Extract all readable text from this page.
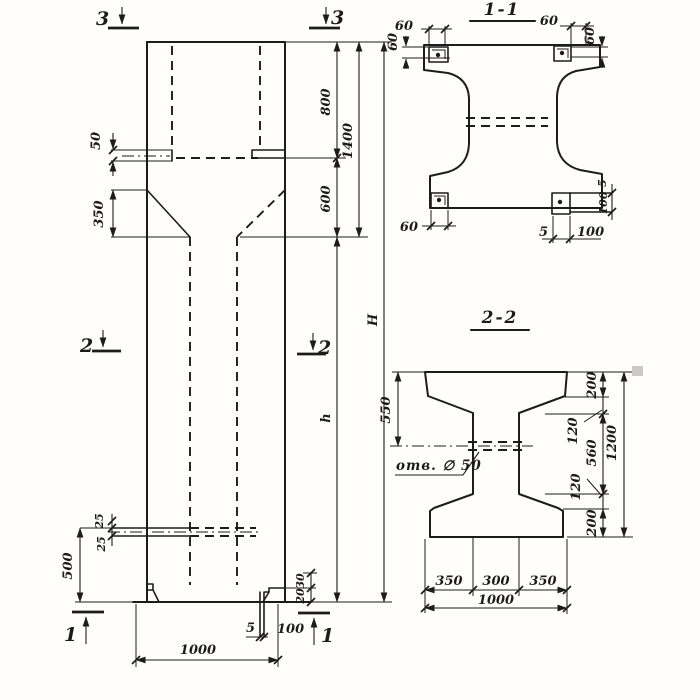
50
350
800
600
h
1400
H
25
25
500
30
20
5 100
1000
3	3
2	2
1	1
1-1
60
60
60
60
60
5
100
5 100
2-2
отв. ∅ 50
550
200
120
560
120
200
1200
350 300 350
1000
